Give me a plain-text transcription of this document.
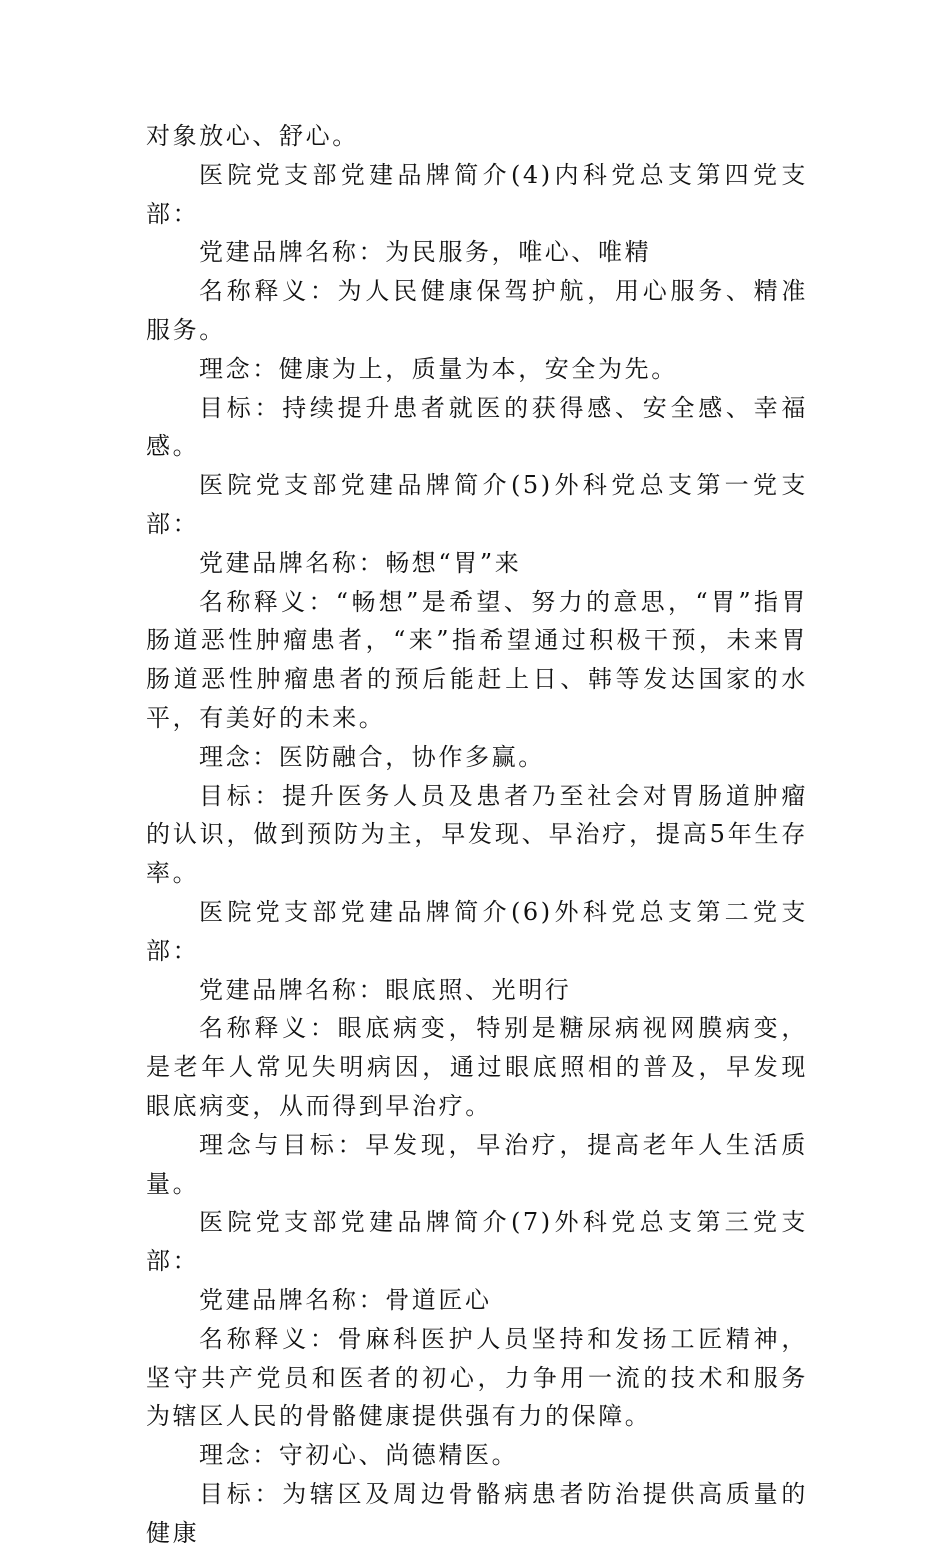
对象放心、舒心。

医院党支部党建品牌简介(4)内科党总支第四党支部：

党建品牌名称：为民服务，唯心、唯精

名称释义：为人民健康保驾护航，用心服务、精准服务。

理念：健康为上，质量为本，安全为先。

目标：持续提升患者就医的获得感、安全感、幸福感。

医院党支部党建品牌简介(5)外科党总支第一党支部：

党建品牌名称：畅想“胃”来

名称释义：“畅想”是希望、努力的意思，“胃”指胃肠道恶性肿瘤患者，“来”指希望通过积极干预，未来胃肠道恶性肿瘤患者的预后能赶上日、韩等发达国家的水平，有美好的未来。

理念：医防融合，协作多赢。

目标：提升医务人员及患者乃至社会对胃肠道肿瘤的认识，做到预防为主，早发现、早治疗，提高5年生存率。

医院党支部党建品牌简介(6)外科党总支第二党支部：

党建品牌名称：眼底照、光明行

名称释义：眼底病变，特别是糖尿病视网膜病变，是老年人常见失明病因，通过眼底照相的普及，早发现眼底病变，从而得到早治疗。

理念与目标：早发现，早治疗，提高老年人生活质量。

医院党支部党建品牌简介(7)外科党总支第三党支部：

党建品牌名称：骨道匠心

名称释义：骨麻科医护人员坚持和发扬工匠精神，坚守共产党员和医者的初心，力争用一流的技术和服务为辖区人民的骨骼健康提供强有力的保障。

理念：守初心、尚德精医。

目标：为辖区及周边骨骼病患者防治提供高质量的健康
